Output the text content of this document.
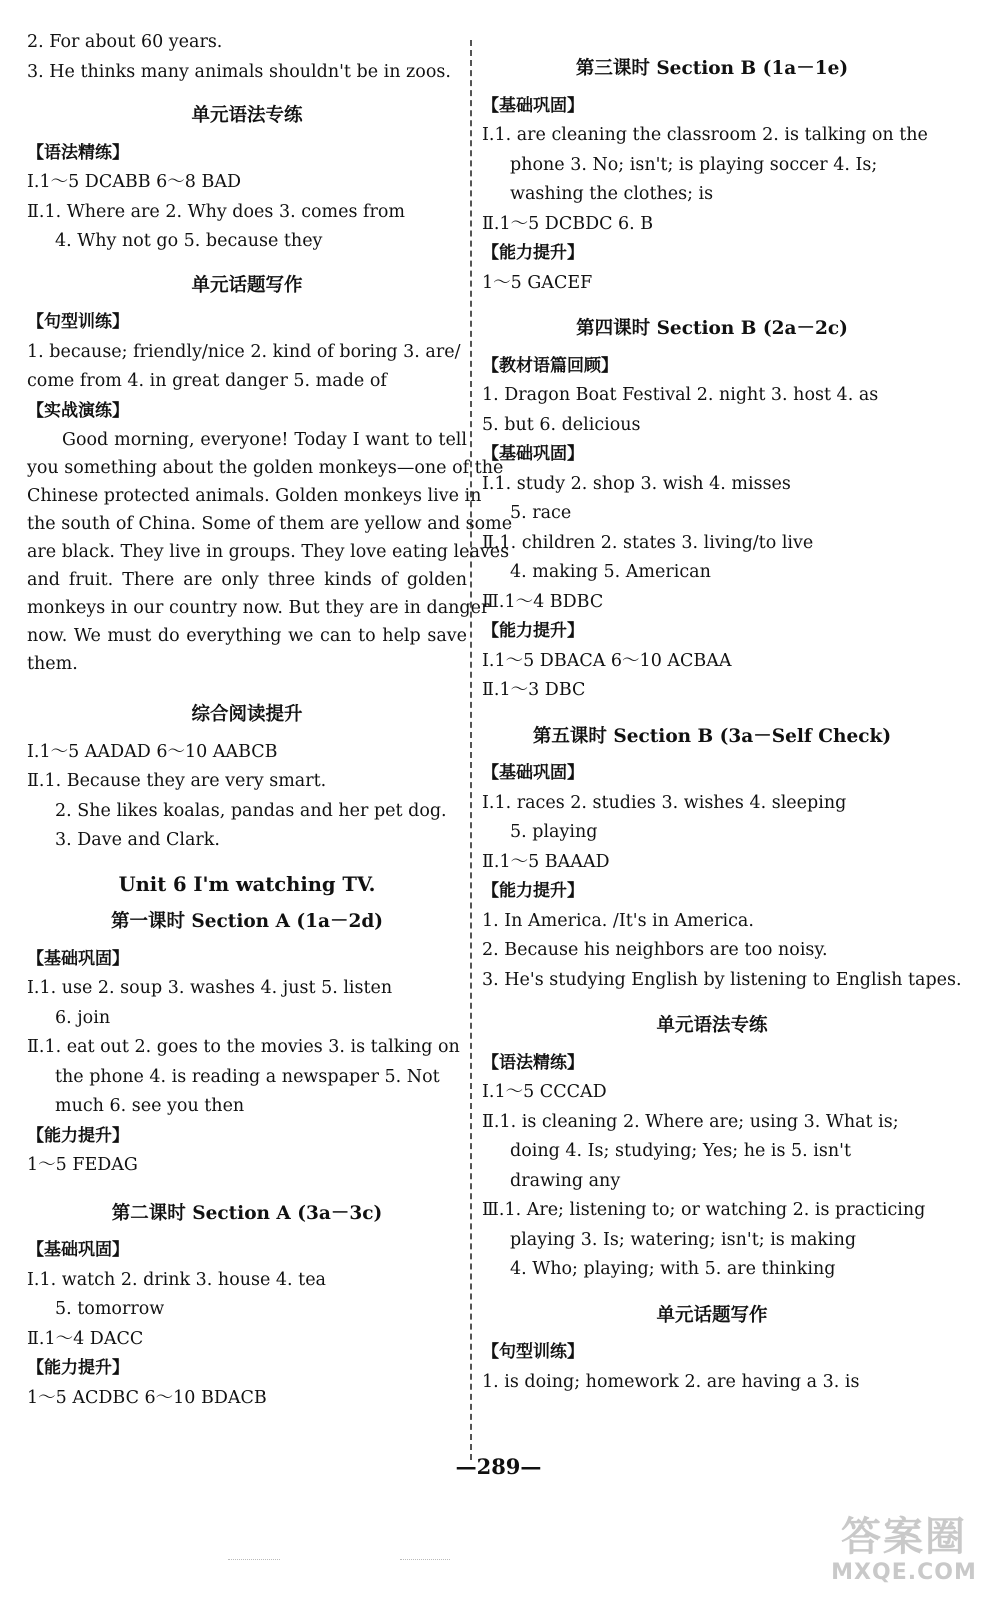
2. For about 60 years.
3. He thinks many animals shouldn't be in zoos.
单元语法专练
【语法精练】
Ⅰ.1～5 DCABB 6～8 BAD
Ⅱ.1. Where are 2. Why does 3. comes from
4. Why not go 5. because they
单元话题写作
【句型训练】
1. because; friendly/nice 2. kind of boring 3. are/
come from 4. in great danger 5. made of
【实战演练】
Good morning, everyone! Today I want to tell
you something about the golden monkeys—one of the
Chinese protected animals. Golden monkeys live in
the south of China. Some of them are yellow and some
are black. They live in groups. They love eating leaves
and fruit. There are only three kinds of golden
monkeys in our country now. But they are in danger
now. We must do everything we can to help save
them.
综合阅读提升
Ⅰ.1～5 AADAD 6～10 AABCB
Ⅱ.1. Because they are very smart.
2. She likes koalas, pandas and her pet dog.
3. Dave and Clark.
Unit 6 I'm watching TV.
第一课时 Section A (1a－2d)
【基础巩固】
Ⅰ.1. use 2. soup 3. washes 4. just 5. listen
6. join
Ⅱ.1. eat out 2. goes to the movies 3. is talking on
the phone 4. is reading a newspaper 5. Not
much 6. see you then
【能力提升】
1～5 FEDAG
第二课时 Section A (3a－3c)
【基础巩固】
Ⅰ.1. watch 2. drink 3. house 4. tea
5. tomorrow
Ⅱ.1～4 DACC
【能力提升】
1～5 ACDBC 6～10 BDACB
第三课时 Section B (1a－1e)
【基础巩固】
Ⅰ.1. are cleaning the classroom 2. is talking on the
phone 3. No; isn't; is playing soccer 4. Is;
washing the clothes; is
Ⅱ.1～5 DCBDC 6. B
【能力提升】
1～5 GACEF
第四课时 Section B (2a－2c)
【教材语篇回顾】
1. Dragon Boat Festival 2. night 3. host 4. as
5. but 6. delicious
【基础巩固】
Ⅰ.1. study 2. shop 3. wish 4. misses
5. race
Ⅱ.1. children 2. states 3. living/to live
4. making 5. American
Ⅲ.1～4 BDBC
【能力提升】
Ⅰ.1～5 DBACA 6～10 ACBAA
Ⅱ.1～3 DBC
第五课时 Section B (3a－Self Check)
【基础巩固】
Ⅰ.1. races 2. studies 3. wishes 4. sleeping
5. playing
Ⅱ.1～5 BAAAD
【能力提升】
1. In America. /It's in America.
2. Because his neighbors are too noisy.
3. He's studying English by listening to English tapes.
单元语法专练
【语法精练】
Ⅰ.1～5 CCCAD
Ⅱ.1. is cleaning 2. Where are; using 3. What is;
doing 4. Is; studying; Yes; he is 5. isn't
drawing any
Ⅲ.1. Are; listening to; or watching 2. is practicing
playing 3. Is; watering; isn't; is making
4. Who; playing; with 5. are thinking
单元话题写作
【句型训练】
1. is doing; homework 2. are having a 3. is
—289—
答案圈
MXQE.COM
